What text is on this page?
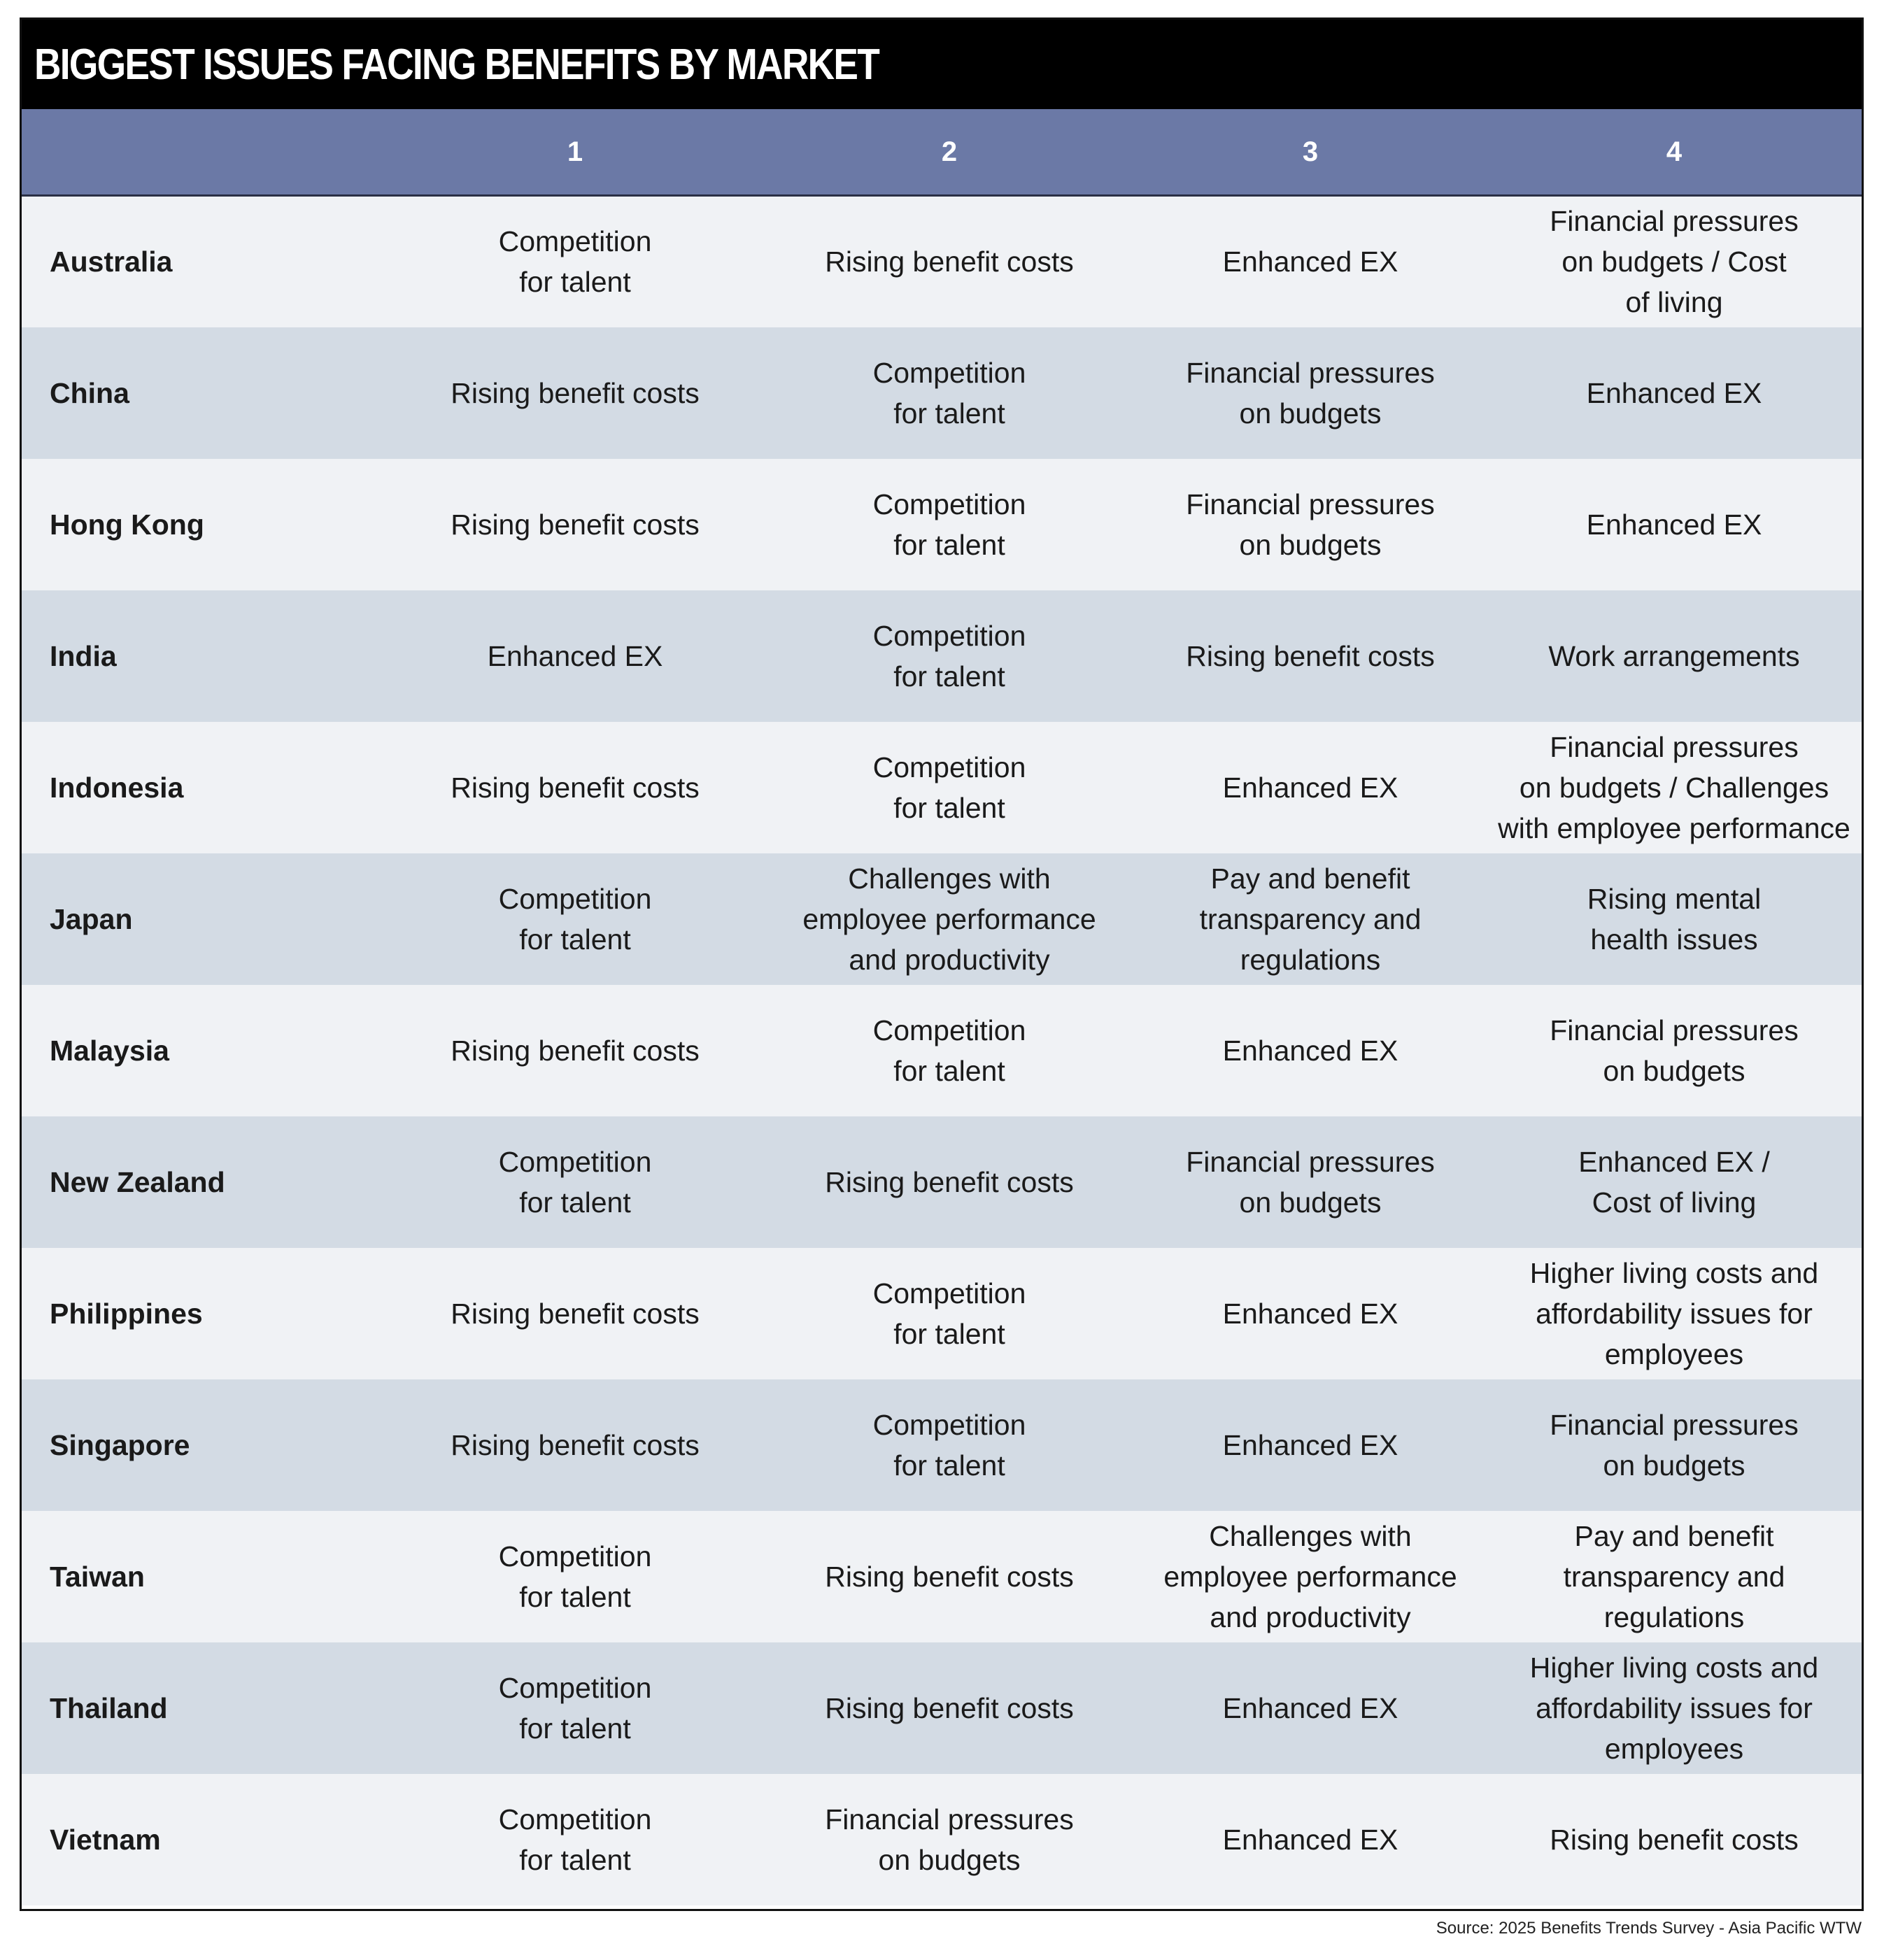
BIGGEST ISSUES FACING BENEFITS BY MARKET
	1	2	3	4
Australia	Competition
for talent	Rising benefit costs	Enhanced EX	Financial pressures
on budgets / Cost
of living
China	Rising benefit costs	Competition
for talent	Financial pressures
on budgets	Enhanced EX
Hong Kong	Rising benefit costs	Competition
for talent	Financial pressures
on budgets	Enhanced EX
India	Enhanced EX	Competition
for talent	Rising benefit costs	Work arrangements
Indonesia	Rising benefit costs	Competition
for talent	Enhanced EX	Financial pressures
on budgets / Challenges
with employee performance
Japan	Competition
for talent	Challenges with
employee performance
and productivity	Pay and benefit
transparency and
regulations	Rising mental
health issues
Malaysia	Rising benefit costs	Competition
for talent	Enhanced EX	Financial pressures
on budgets
New Zealand	Competition
for talent	Rising benefit costs	Financial pressures
on budgets	Enhanced EX /
Cost of living
Philippines	Rising benefit costs	Competition
for talent	Enhanced EX	Higher living costs and
affordability issues for
employees
Singapore	Rising benefit costs	Competition
for talent	Enhanced EX	Financial pressures
on budgets
Taiwan	Competition
for talent	Rising benefit costs	Challenges with
employee performance
and productivity	Pay and benefit
transparency and
regulations
Thailand	Competition
for talent	Rising benefit costs	Enhanced EX	Higher living costs and
affordability issues for
employees
Vietnam	Competition
for talent	Financial pressures
on budgets	Enhanced EX	Rising benefit costs
Source: 2025 Benefits Trends Survey - Asia Pacific WTW
